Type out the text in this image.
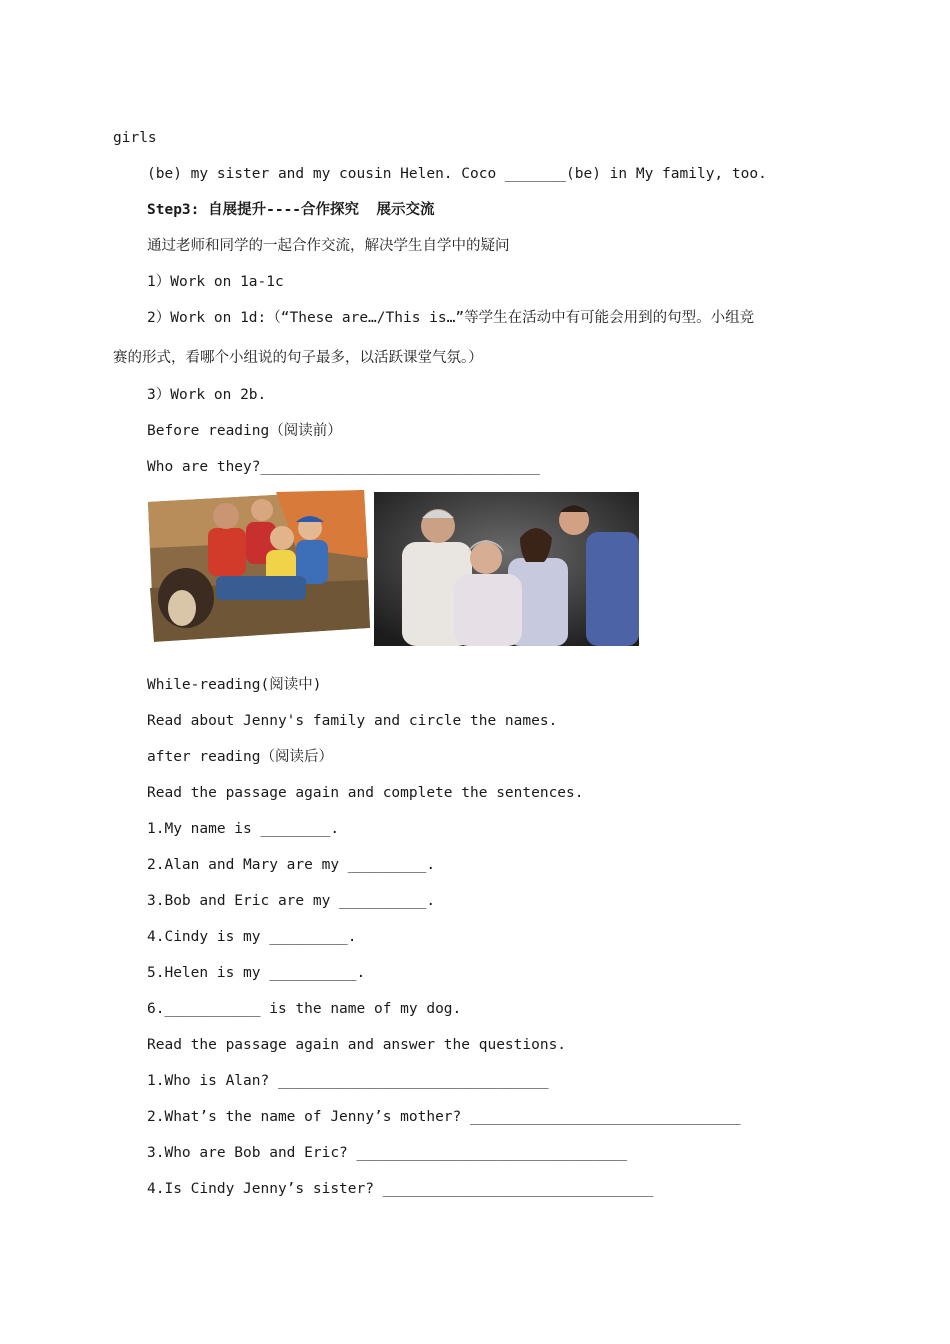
girls
(be) my sister and my cousin Helen. Coco _______(be) in My family, too.
Step3: 自展提升----合作探究  展示交流
通过老师和同学的一起合作交流，解决学生自学中的疑问
1）Work on 1a-1c
2）Work on 1d:（“These are…/This is…”等学生在活动中有可能会用到的句型。小组竞
赛的形式，看哪个小组说的句子最多，以活跃课堂气氛。）
3）Work on 2b.
Before reading（阅读前）
Who are they?________________________________
While-reading(阅读中)
Read about Jenny's family and circle the names.
after reading（阅读后）
Read the passage again and complete the sentences.
1.My name is ________.
2.Alan and Mary are my _________.
3.Bob and Eric are my __________.
4.Cindy is my _________.
5.Helen is my __________.
6.___________ is the name of my dog.
Read the passage again and answer the questions.
1.Who is Alan? _______________________________
2.What’s the name of Jenny’s mother? _______________________________
3.Who are Bob and Eric? _______________________________
4.Is Cindy Jenny’s sister? _______________________________
